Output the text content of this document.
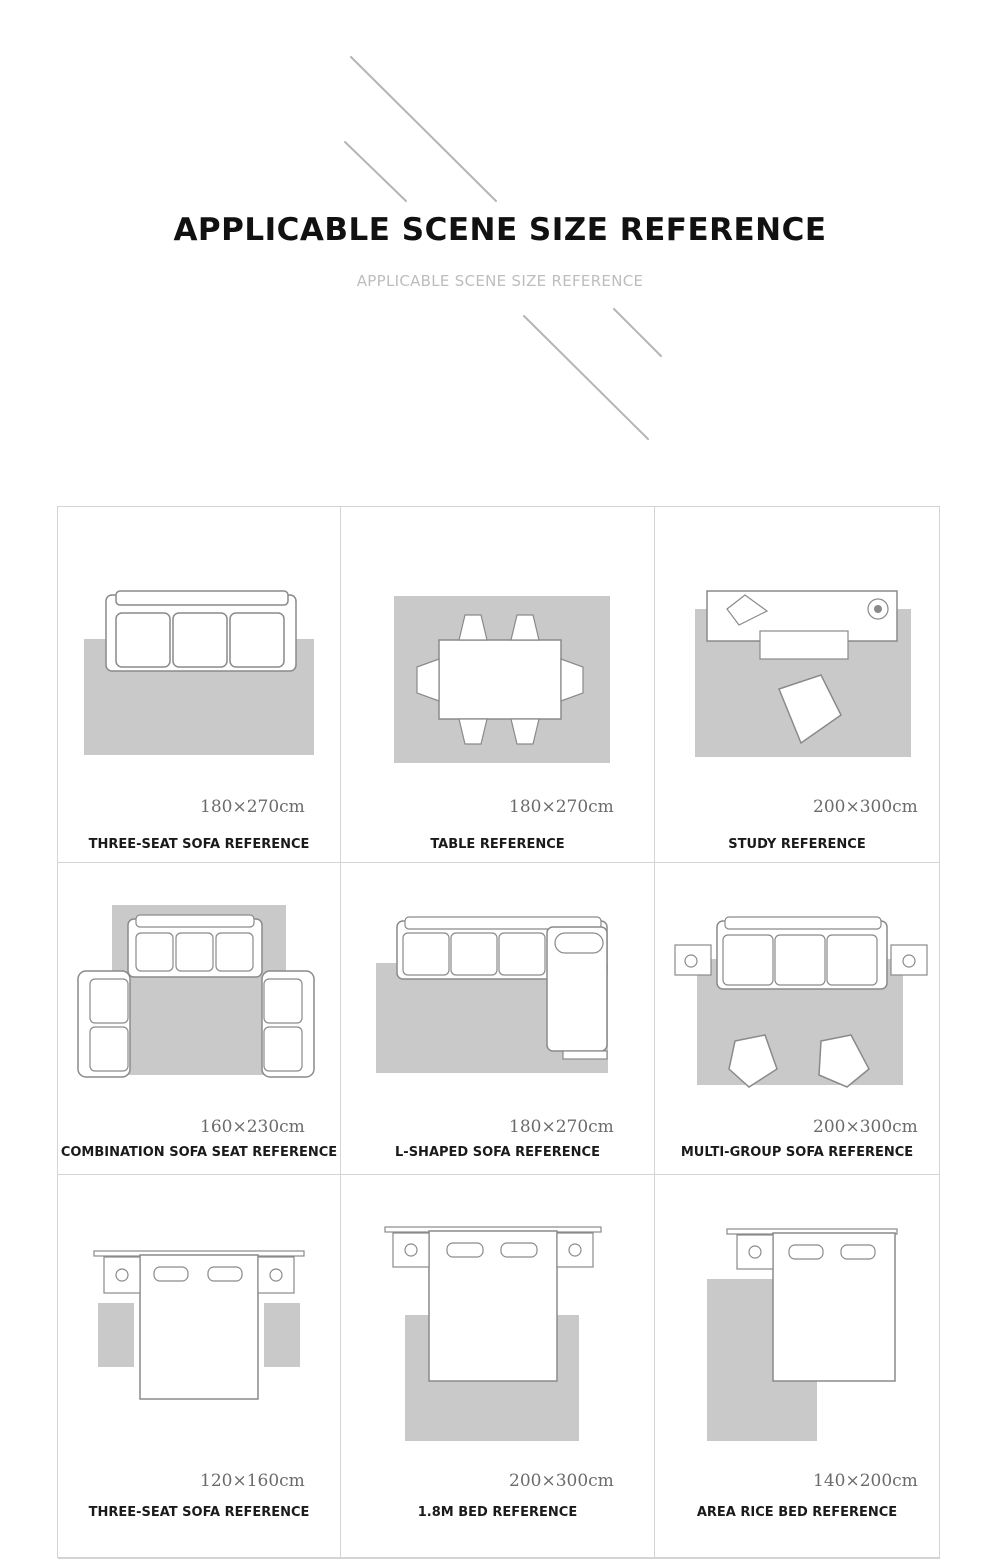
APPLICABLE SCENE SIZE REFERENCE
APPLICABLE SCENE SIZE REFERENCE
180×270cm
THREE-SEAT SOFA REFERENCE
180×270cm
TABLE REFERENCE
200×300cm
STUDY REFERENCE
160×230cm
COMBINATION SOFA SEAT REFERENCE
180×270cm
L-SHAPED SOFA REFERENCE
200×300cm
MULTI-GROUP SOFA REFERENCE
120×160cm
THREE-SEAT SOFA REFERENCE
200×300cm
1.8M BED REFERENCE
140×200cm
AREA RICE BED REFERENCE
